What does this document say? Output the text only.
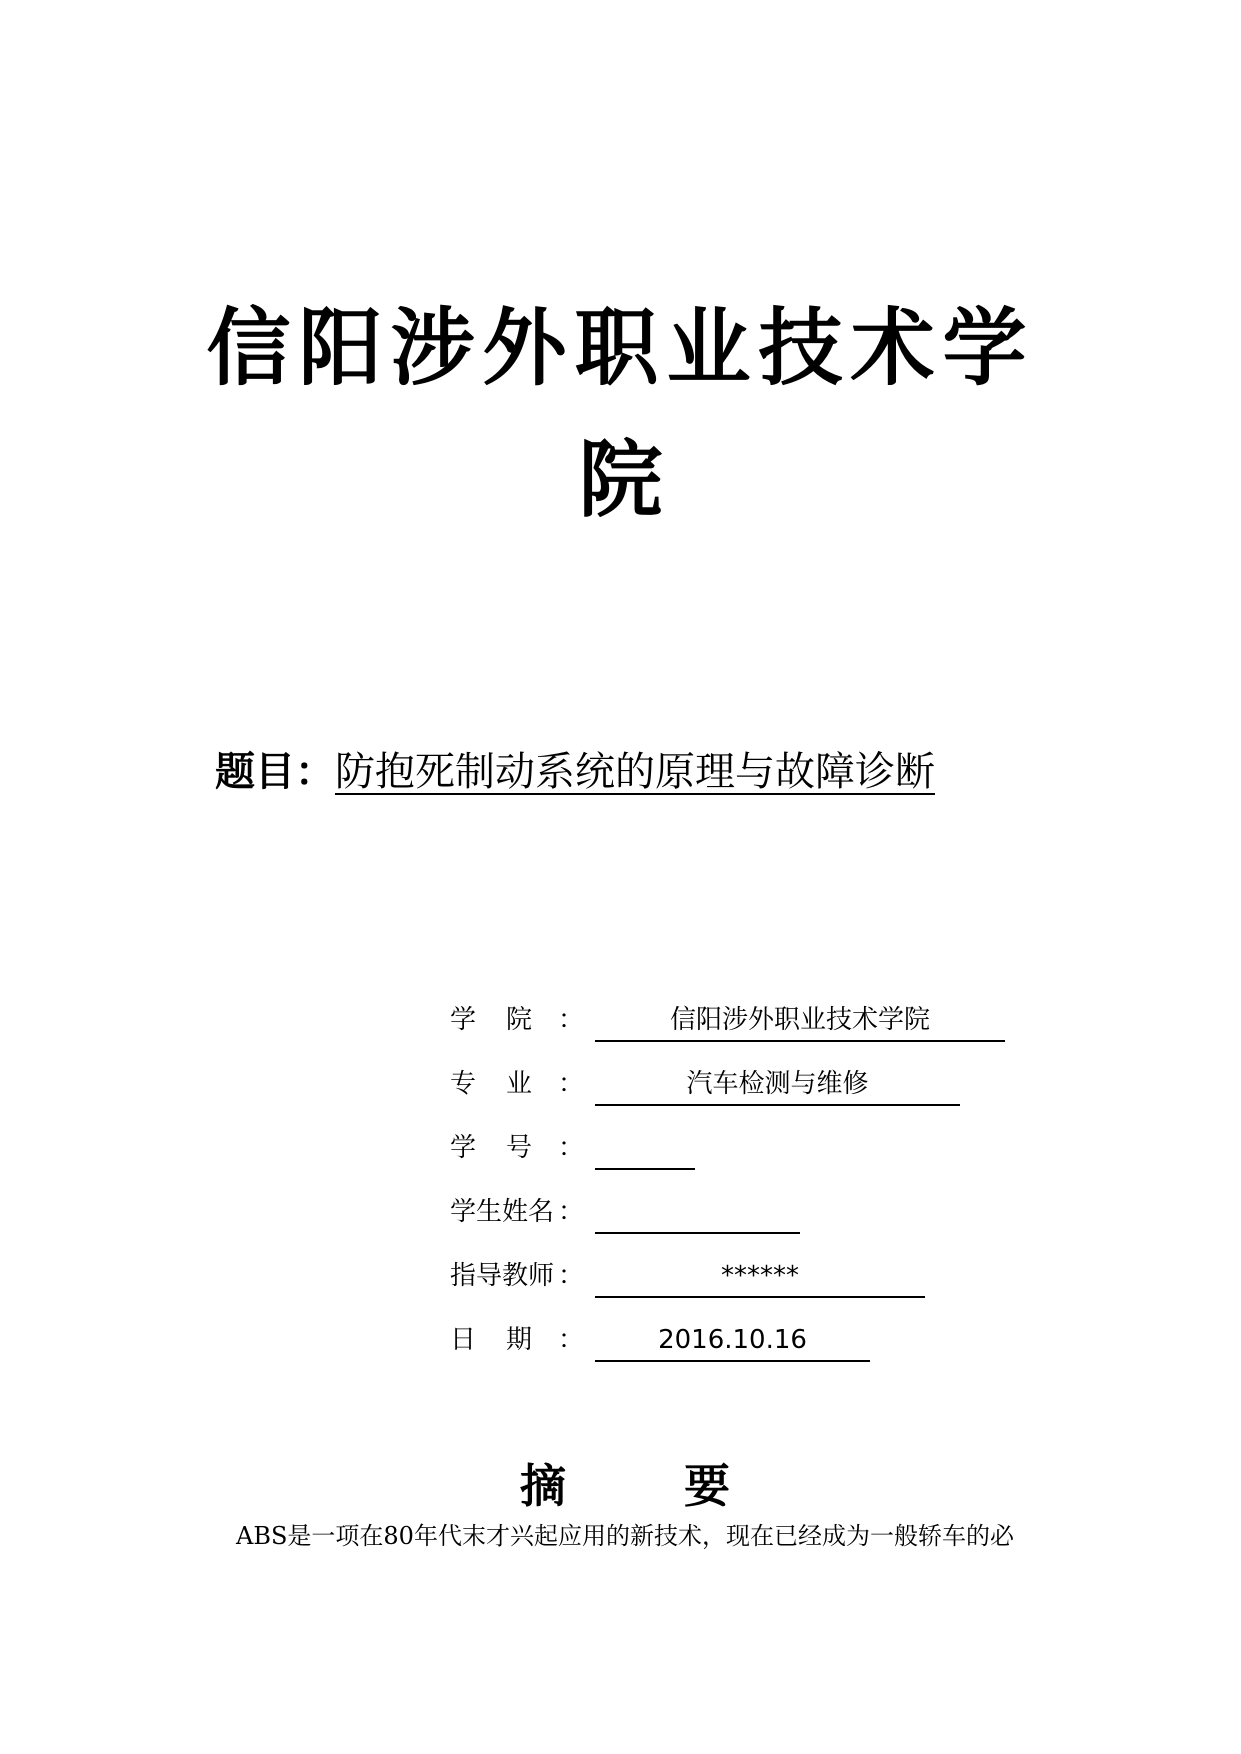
信阳涉外职业技术学
院
题目：防抱死制动系统的原理与故障诊断
学 院 ：	信阳涉外职业技术学院
专 业 ：	汽车检测与维修
学 号 ：
学生姓名 ：
指导教师 ：	******
日 期 ：	2016.10.16
摘	要
ABS是一项在80年代末才兴起应用的新技术，现在已经成为一般轿车的必
